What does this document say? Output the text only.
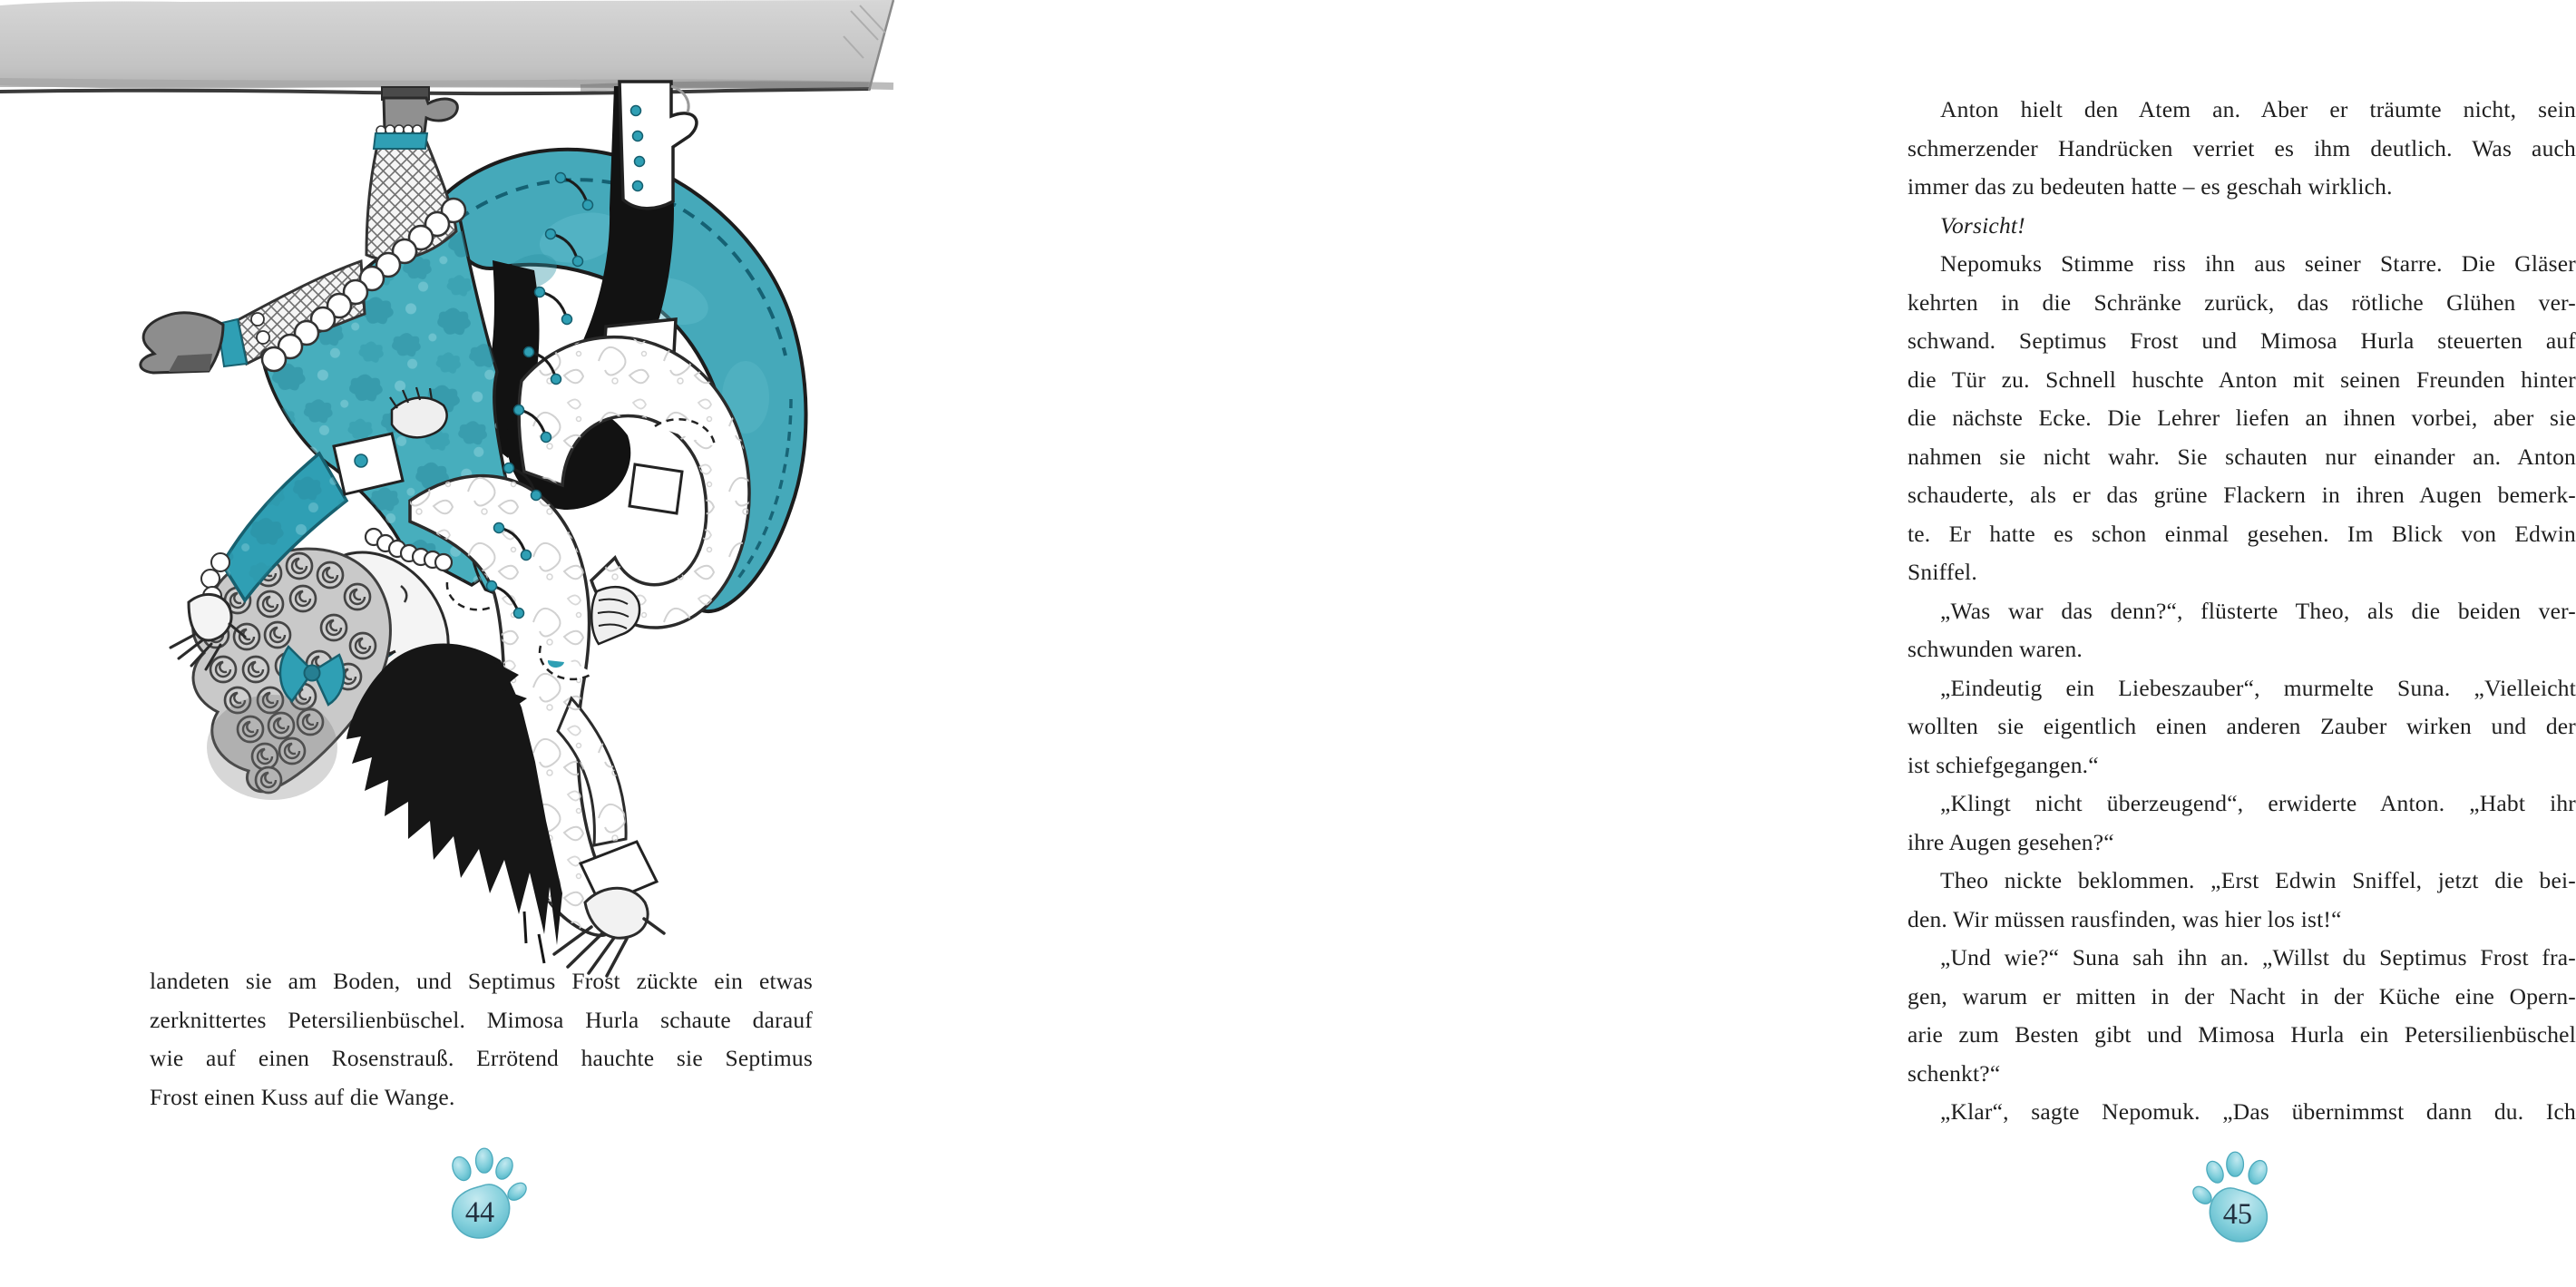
landeten sie am Boden, und Septimus Frost zückte ein etwas
zerknittertes Petersilienbüschel. Mimosa Hurla schaute darauf
wie auf einen Rosenstrauß. Errötend hauchte sie Septimus
Frost einen Kuss auf die Wange.
44
Anton hielt den Atem an. Aber er träumte nicht, sein
schmerzender Handrücken verriet es ihm deutlich. Was auch
immer das zu bedeuten hatte – es geschah wirklich.
Vorsicht!
Nepomuks Stimme riss ihn aus seiner Starre. Die Gläser
kehrten in die Schränke zurück, das rötliche Glühen ver-
schwand. Septimus Frost und Mimosa Hurla steuerten auf
die Tür zu. Schnell huschte Anton mit seinen Freunden hinter
die nächste Ecke. Die Lehrer liefen an ihnen vorbei, aber sie
nahmen sie nicht wahr. Sie schauten nur einander an. Anton
schauderte, als er das grüne Flackern in ihren Augen bemerk-
te. Er hatte es schon einmal gesehen. Im Blick von Edwin
Sniffel.
„Was war das denn?“, flüsterte Theo, als die beiden ver-
schwunden waren.
„Eindeutig ein Liebeszauber“, murmelte Suna. „Vielleicht
wollten sie eigentlich einen anderen Zauber wirken und der
ist schiefgegangen.“
„Klingt nicht überzeugend“, erwiderte Anton. „Habt ihr
ihre Augen gesehen?“
Theo nickte beklommen. „Erst Edwin Sniffel, jetzt die bei-
den. Wir müssen rausfinden, was hier los ist!“
„Und wie?“ Suna sah ihn an. „Willst du Septimus Frost fra-
gen, warum er mitten in der Nacht in der Küche eine Opern-
arie zum Besten gibt und Mimosa Hurla ein Petersilienbüschel
schenkt?“
„Klar“, sagte Nepomuk. „Das übernimmst dann du. Ich
45
